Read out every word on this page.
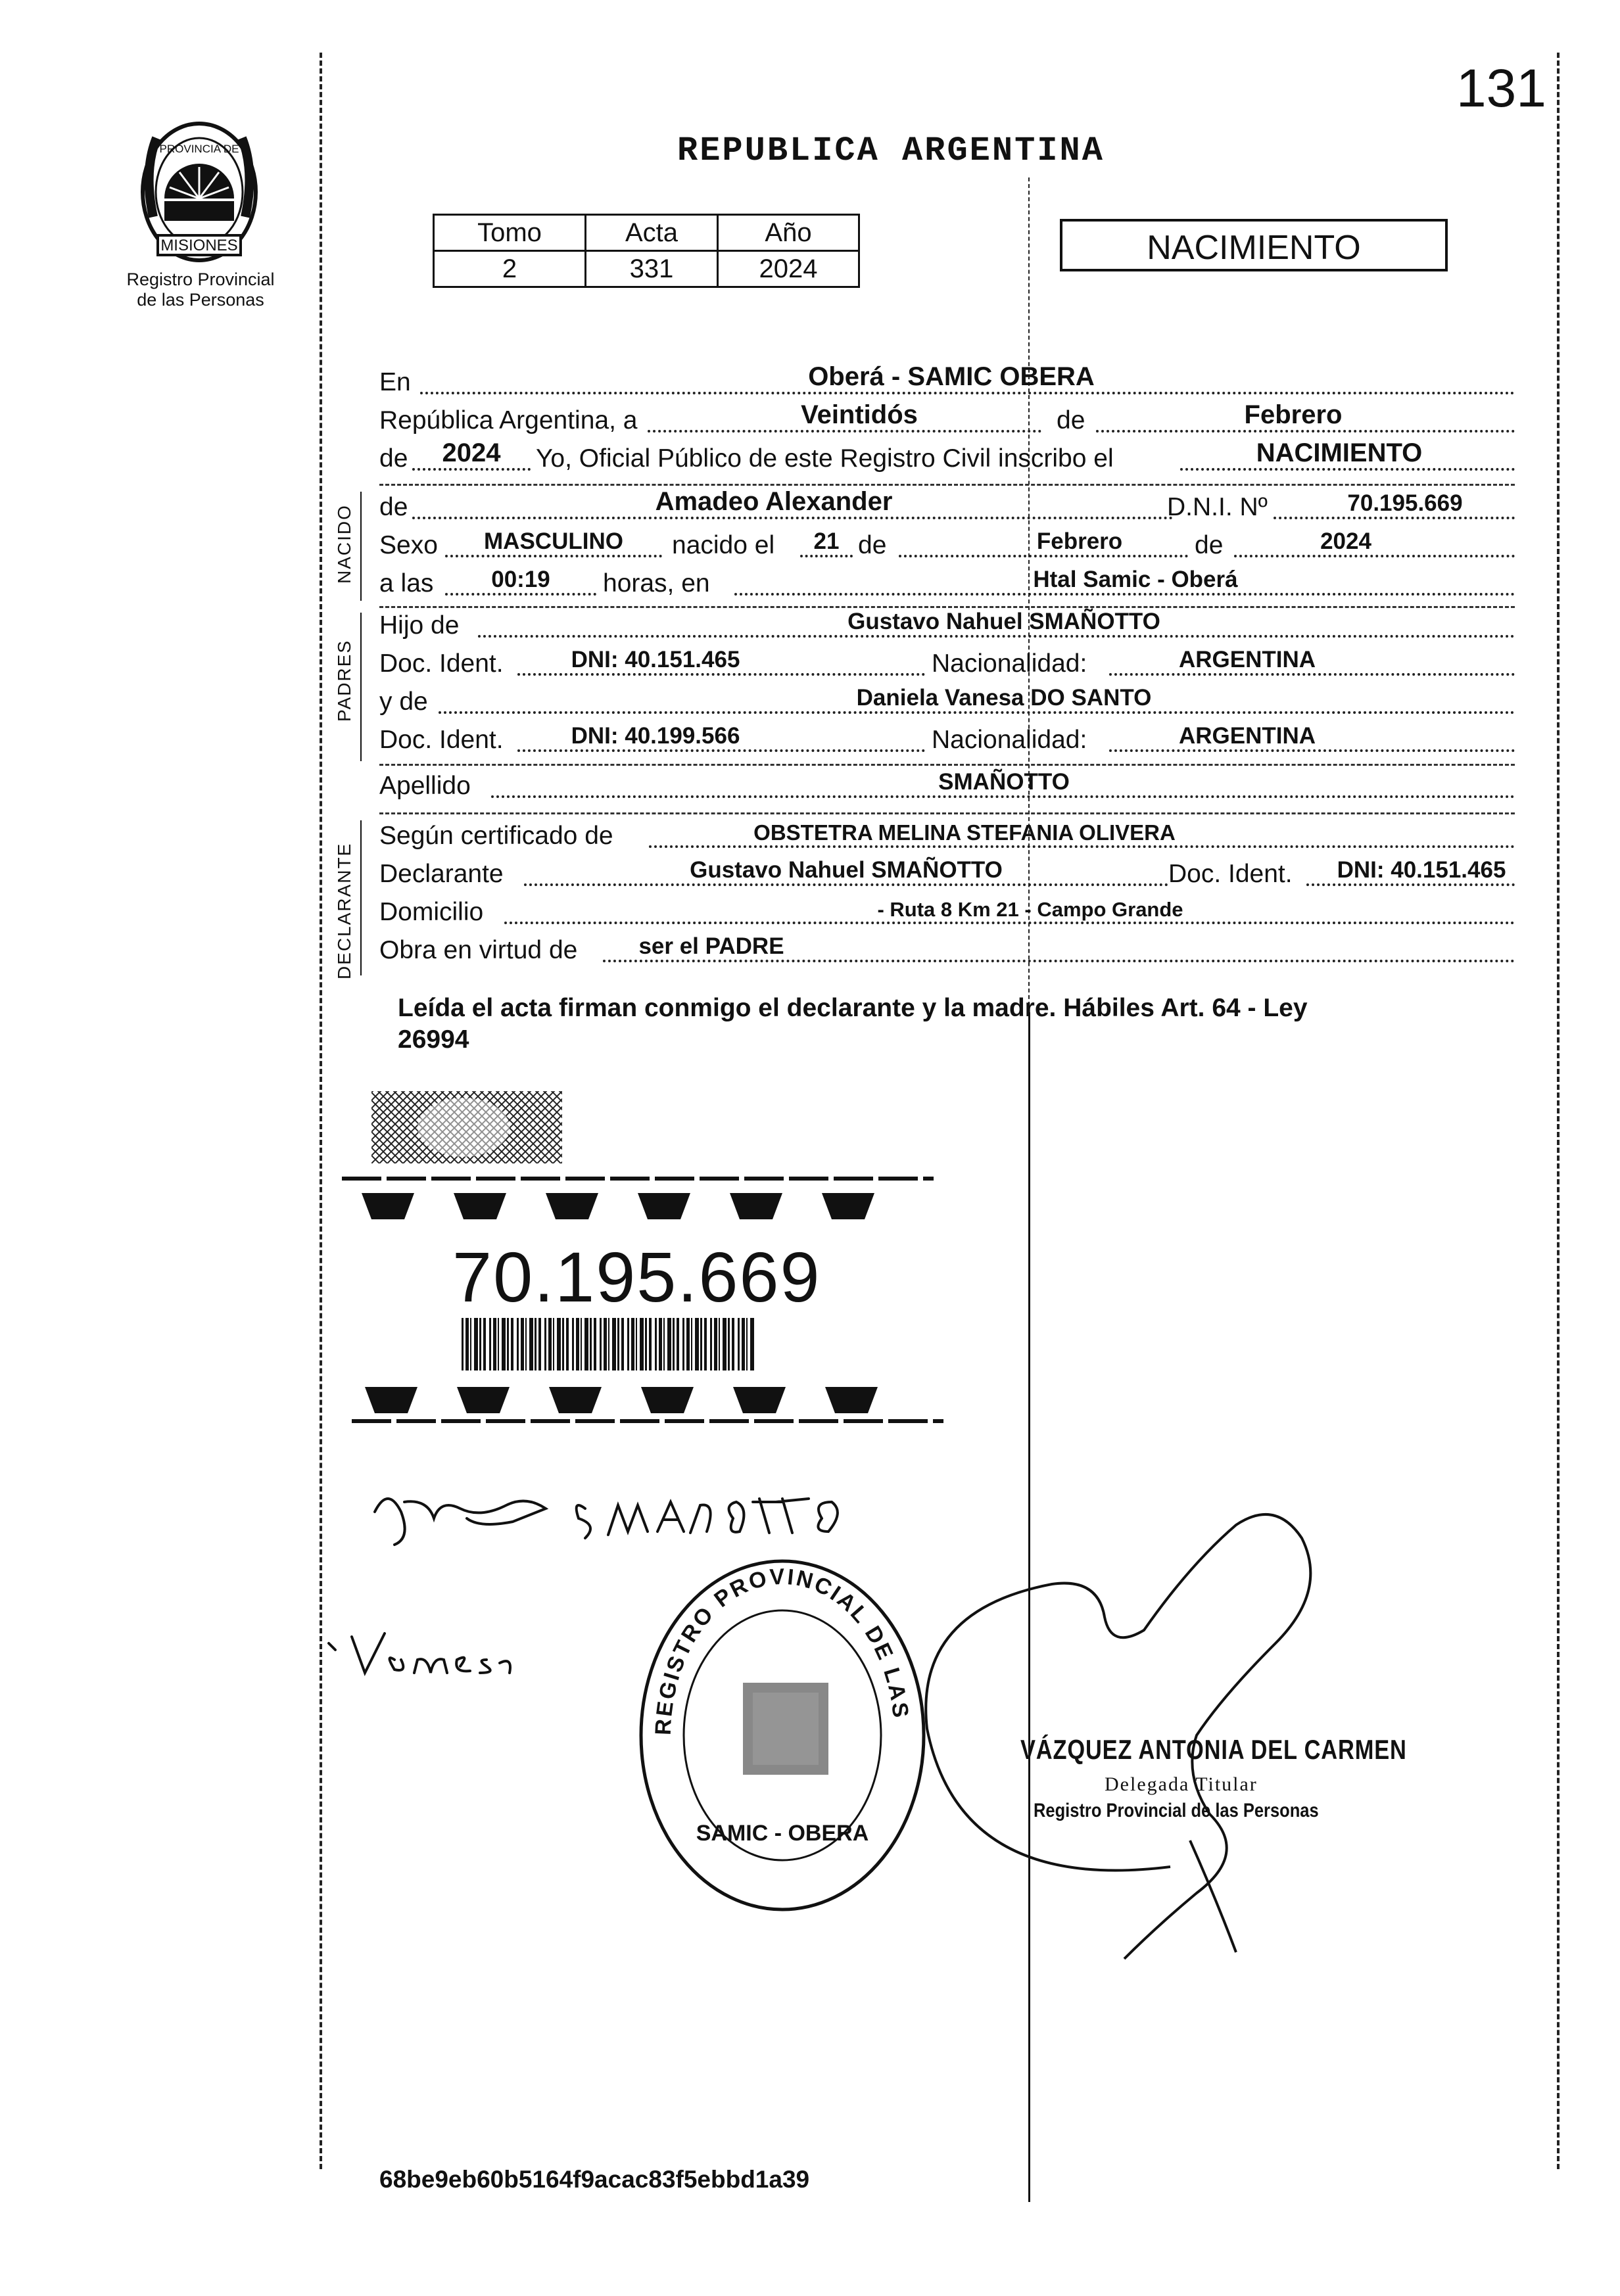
131
PROVINCIA DE
MISIONES
Registro Provincial
de las Personas
REPUBLICA ARGENTINA
Tomo	Acta	Año
2	331	2024
NACIMIENTO
En	Oberá - SAMIC OBERA
República Argentina, a	Veintidós	de	Febrero
de	2024	Yo, Oficial Público de este Registro Civil inscribo el	NACIMIENTO
NACIDO de	Amadeo Alexander	D.N.I. Nº	70.195.669
Sexo	MASCULINO	nacido el	21 de	Febrero	de	2024
a las	00:19	horas, en	Htal Samic - Oberá
PADRES
Hijo de	Gustavo Nahuel SMAÑOTTO
Doc. Ident.	DNI: 40.151.465	Nacionalidad:	ARGENTINA
y de	Daniela Vanesa DO SANTO
Doc. Ident.	DNI: 40.199.566	Nacionalidad:	ARGENTINA
Apellido	SMAÑOTTO
DECLARANTE
Según certificado de	OBSTETRA MELINA STEFANIA OLIVERA
Declarante	Gustavo Nahuel SMAÑOTTO	Doc. Ident.	DNI: 40.151.465
Domicilio	- Ruta 8 Km 21 - Campo Grande
Obra en virtud de	ser el PADRE
Leída el acta firman conmigo el declarante y la madre. Hábiles Art. 64 - Ley
26994
70.195.669
REGISTRO PROVINCIAL DE LAS
SAMIC - OBERA
VÁZQUEZ ANTONIA DEL CARMEN
Delegada Titular
Registro Provincial de las Personas
68be9eb60b5164f9acac83f5ebbd1a39
